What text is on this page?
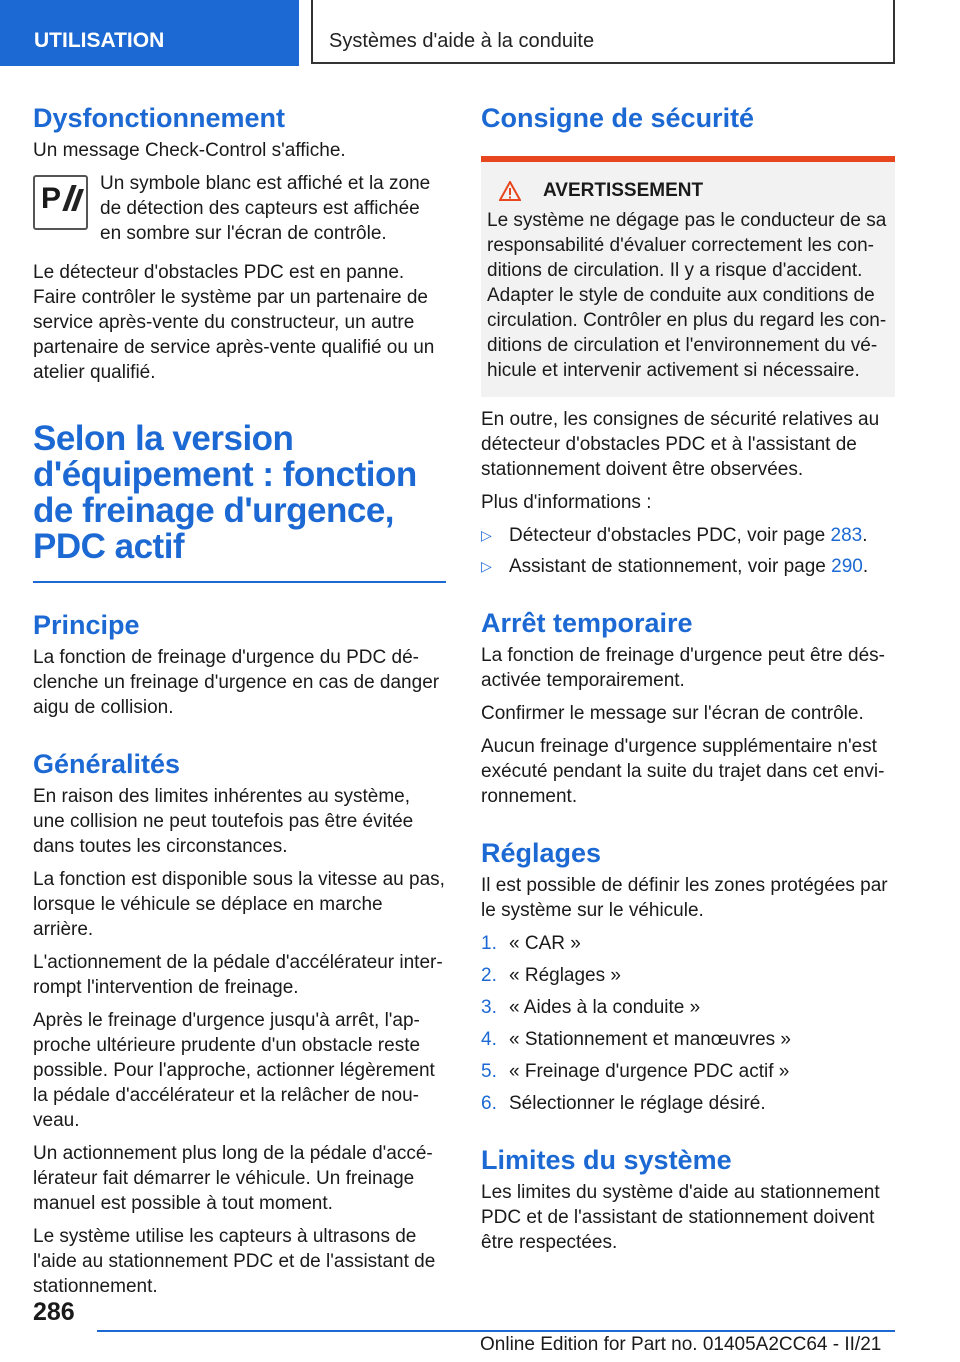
UTILISATION	Systèmes d'aide à la conduite
Dysfonctionnement

Un message Check-Control s'affiche.

P Un symbole blanc est affiché et la zone de détection des capteurs est affichée en sombre sur l'écran de contrôle.

Le détecteur d'obstacles PDC est en panne. Faire contrôler le système par un partenaire de service après-vente du constructeur, un autre partenaire de service après-vente qualifié ou un atelier qualifié.

Selon la version d'équipement : fonction de freinage d'urgence, PDC actif
Principe

La fonction de freinage d'urgence du PDC dé‐clenche un freinage d'urgence en cas de danger aigu de collision.

Généralités

En raison des limites inhérentes au système, une collision ne peut toutefois pas être évitée dans toutes les circonstances.

La fonction est disponible sous la vitesse au pas, lorsque le véhicule se déplace en marche arrière.

L'actionnement de la pédale d'accélérateur inter‐rompt l'intervention de freinage.

Après le freinage d'urgence jusqu'à arrêt, l'ap‐proche ultérieure prudente d'un obstacle reste possible. Pour l'approche, actionner légèrement la pédale d'accélérateur et la relâcher de nou‐veau.

Un actionnement plus long de la pédale d'accé‐lérateur fait démarrer le véhicule. Un freinage manuel est possible à tout moment.

Le système utilise les capteurs à ultrasons de l'aide au stationnement PDC et de l'assistant de stationnement.

Consigne de sécurité
AVERTISSEMENT

Le système ne dégage pas le conducteur de sa responsabilité d'évaluer correctement les con‐ditions de circulation. Il y a risque d'accident. Adapter le style de conduite aux conditions de circulation. Contrôler en plus du regard les con‐ditions de circulation et l'environnement du vé‐hicule et intervenir activement si nécessaire.

En outre, les consignes de sécurité relatives au détecteur d'obstacles PDC et à l'assistant de stationnement doivent être observées.

Plus d'informations :

▷ Détecteur d'obstacles PDC, voir page 283.
▷ Assistant de stationnement, voir page 290.
Arrêt temporaire

La fonction de freinage d'urgence peut être dés‐activée temporairement.

Confirmer le message sur l'écran de contrôle.

Aucun freinage d'urgence supplémentaire n'est exécuté pendant la suite du trajet dans cet envi‐ronnement.

Réglages

Il est possible de définir les zones protégées par le système sur le véhicule.

1. « CAR »
2. « Réglages »
3. « Aides à la conduite »
4. « Stationnement et manœuvres »
5. « Freinage d'urgence PDC actif »
6. Sélectionner le réglage désiré.
Limites du système

Les limites du système d'aide au stationnement PDC et de l'assistant de stationnement doivent être respectées.

286
Online Edition for Part no. 01405A2CC64 - II/21
